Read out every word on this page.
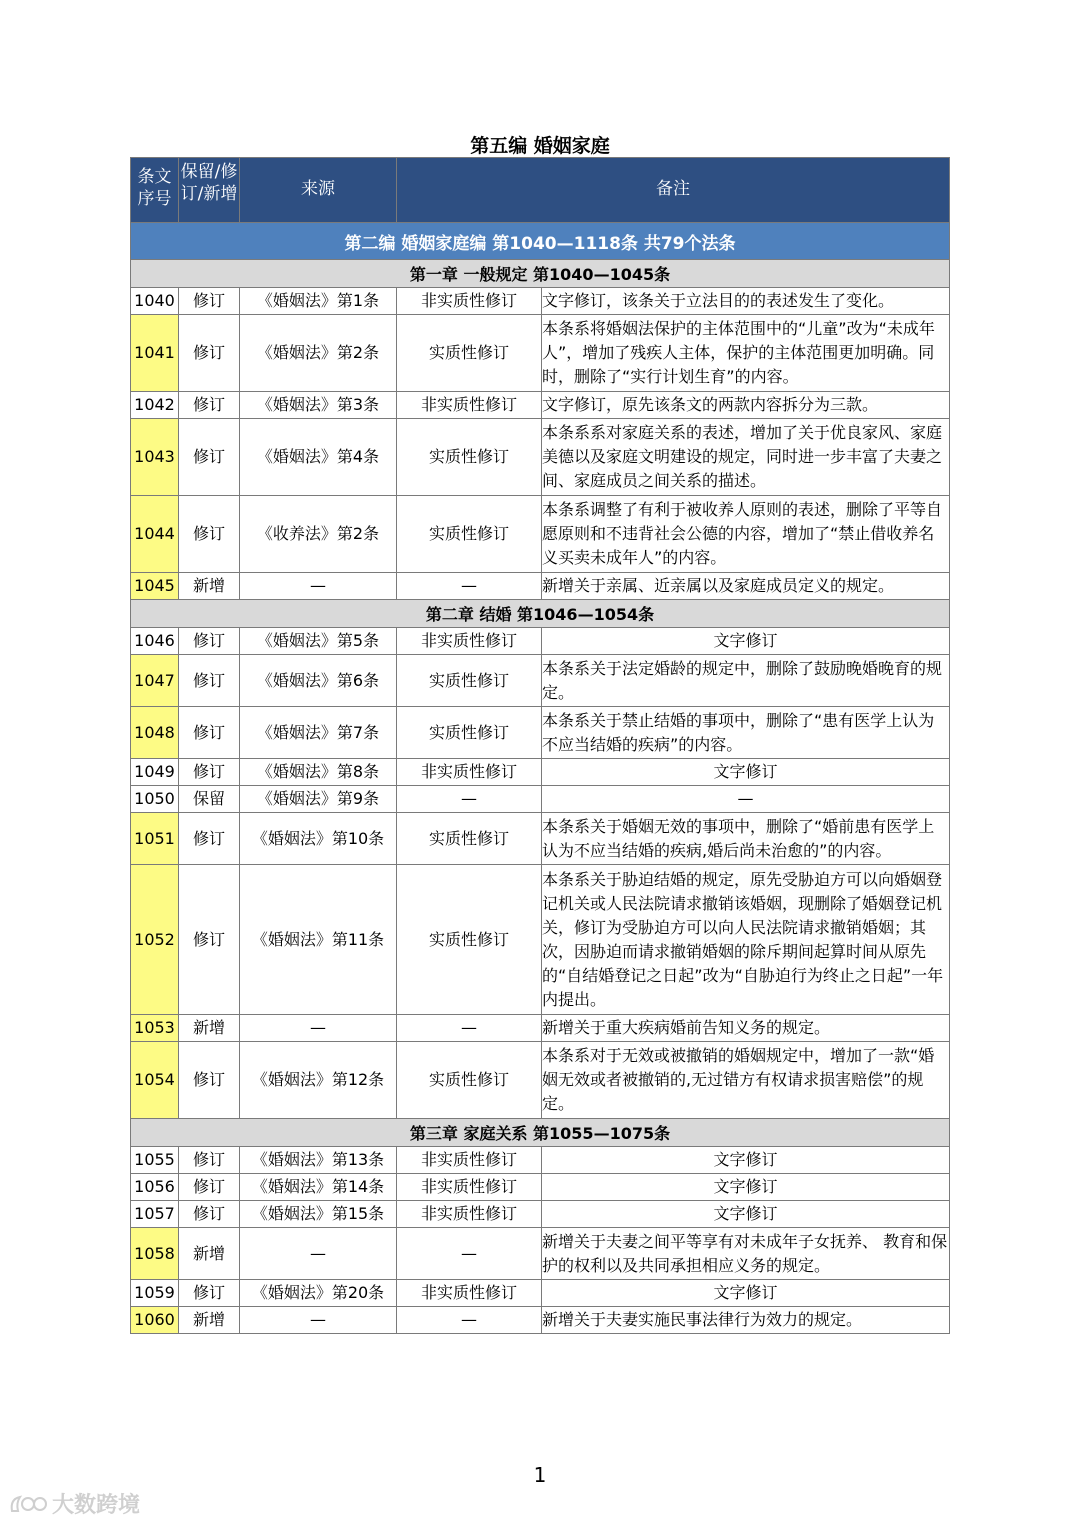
第五编 婚姻家庭
条文序号	保留/修订/新增	来源	备注	

第二编 婚姻家庭编 第1040—1118条 共79个法条				
第一章 一般规定 第1040—1045条				
1040	修订	《婚姻法》第1条	非实质性修订	文字修订，该条关于立法目的的表述发生了变化。
1041	修订	《婚姻法》第2条	实质性修订	本条系将婚姻法保护的主体范围中的“儿童”改为“未成年人”，增加了残疾人主体，保护的主体范围更加明确。同时，删除了“实行计划生育”的内容。
1042	修订	《婚姻法》第3条	非实质性修订	文字修订，原先该条文的两款内容拆分为三款。
1043	修订	《婚姻法》第4条	实质性修订	本条系系对家庭关系的表述，增加了关于优良家风、家庭美德以及家庭文明建设的规定，同时进一步丰富了夫妻之间、家庭成员之间关系的描述。
1044	修订	《收养法》第2条	实质性修订	本条系调整了有利于被收养人原则的表述，删除了平等自愿原则和不违背社会公德的内容，增加了“禁止借收养名义买卖未成年人”的内容。
1045	新增	—	—	新增关于亲属、近亲属以及家庭成员定义的规定。
第二章 结婚 第1046—1054条				
1046	修订	《婚姻法》第5条	非实质性修订	文字修订
1047	修订	《婚姻法》第6条	实质性修订	本条系关于法定婚龄的规定中，删除了鼓励晚婚晚育的规定。
1048	修订	《婚姻法》第7条	实质性修订	本条系关于禁止结婚的事项中，删除了“患有医学上认为不应当结婚的疾病”的内容。
1049	修订	《婚姻法》第8条	非实质性修订	文字修订
1050	保留	《婚姻法》第9条	—	—
1051	修订	《婚姻法》第10条	实质性修订	本条系关于婚姻无效的事项中，删除了“婚前患有医学上认为不应当结婚的疾病,婚后尚未治愈的”的内容。
1052	修订	《婚姻法》第11条	实质性修订	本条系关于胁迫结婚的规定，原先受胁迫方可以向婚姻登记机关或人民法院请求撤销该婚姻，现删除了婚姻登记机关，修订为受胁迫方可以向人民法院请求撤销婚姻；其次，因胁迫而请求撤销婚姻的除斥期间起算时间从原先的“自结婚登记之日起”改为“自胁迫行为终止之日起”一年内提出。
1053	新增	—	—	新增关于重大疾病婚前告知义务的规定。
1054	修订	《婚姻法》第12条	实质性修订	本条系对于无效或被撤销的婚姻规定中，增加了一款“婚姻无效或者被撤销的,无过错方有权请求损害赔偿”的规定。
第三章 家庭关系 第1055—1075条				
1055	修订	《婚姻法》第13条	非实质性修订	文字修订
1056	修订	《婚姻法》第14条	非实质性修订	文字修订
1057	修订	《婚姻法》第15条	非实质性修订	文字修订
1058	新增	—	—	新增关于夫妻之间平等享有对未成年子女抚养、 教育和保护的权利以及共同承担相应义务的规定。
1059	修订	《婚姻法》第20条	非实质性修订	文字修订
1060	新增	—	—	新增关于夫妻实施民事法律行为效力的规定。
1
大数跨境
